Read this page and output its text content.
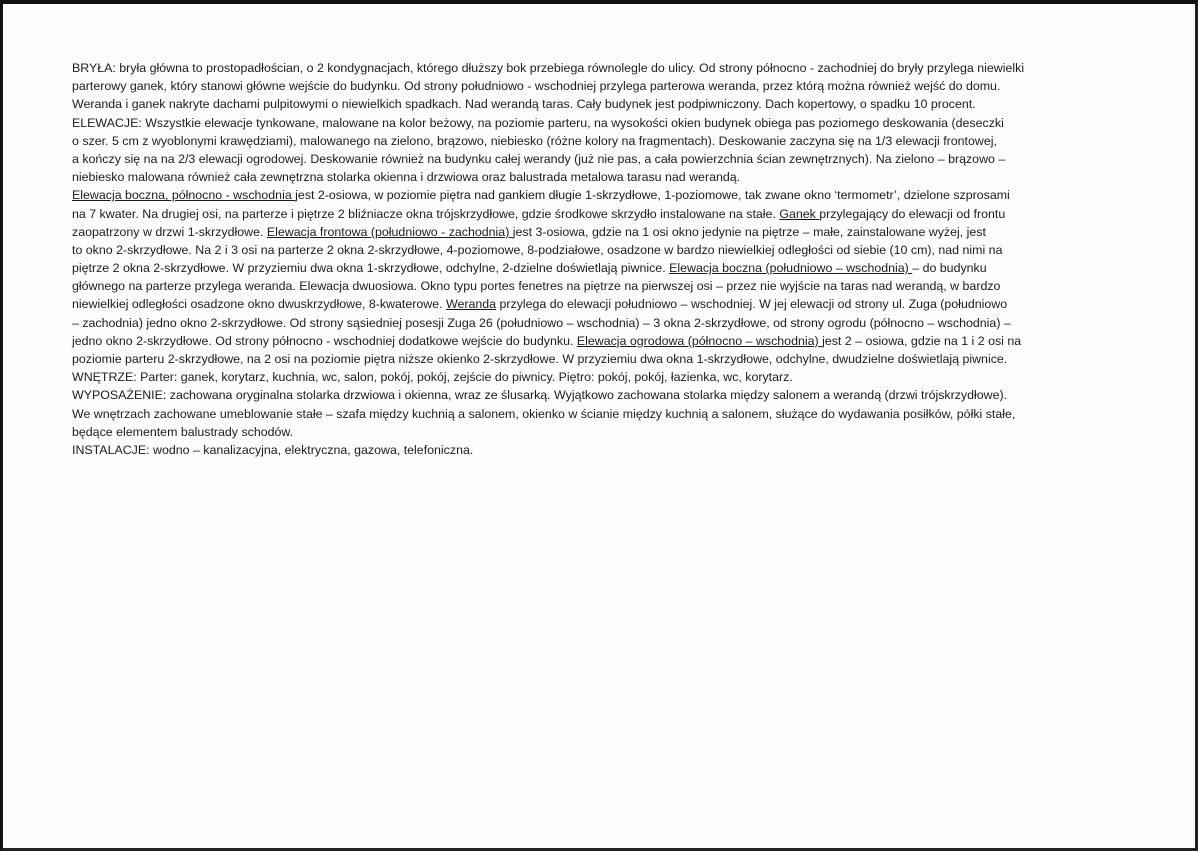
BRYŁA: bryła główna to prostopadłościan, o 2 kondygnacjach, którego dłuższy bok przebiega równolegle do ulicy. Od strony północno - zachodniej do bryły przylega niewielki
parterowy ganek, który stanowi główne wejście do budynku. Od strony południowo - wschodniej przylega parterowa weranda, przez którą można również wejść do domu.
Weranda i ganek nakryte dachami pulpitowymi o niewielkich spadkach. Nad werandą taras. Cały budynek jest podpiwniczony. Dach kopertowy, o spadku 10 procent.
ELEWACJE: Wszystkie elewacje tynkowane, malowane na kolor beżowy, na poziomie parteru, na wysokości okien budynek obiega pas poziomego deskowania (deseczki
o szer. 5 cm z wyoblonymi krawędziami), malowanego na zielono, brązowo, niebiesko (różne kolory na fragmentach). Deskowanie zaczyna się na 1/3 elewacji frontowej,
a kończy się na na 2/3 elewacji ogrodowej. Deskowanie również na budynku całej werandy (już nie pas, a cała powierzchnia ścian zewnętrznych). Na zielono – brązowo –
niebiesko malowana również cała zewnętrzna stolarka okienna i drzwiowa oraz balustrada metalowa tarasu nad werandą.
Elewacja boczna, północno - wschodnia jest 2-osiowa, w poziomie piętra nad gankiem długie 1-skrzydłowe, 1-poziomowe, tak zwane okno ‘termometr’, dzielone szprosami
na 7 kwater. Na drugiej osi, na parterze i piętrze 2 bliźniacze okna trójskrzydłowe, gdzie środkowe skrzydło instalowane na stałe. Ganek przylegający do elewacji od frontu
zaopatrzony w drzwi 1-skrzydłowe. Elewacja frontowa (południowo - zachodnia) jest 3-osiowa, gdzie na 1 osi okno jedynie na piętrze – małe, zainstalowane wyżej, jest
to okno 2-skrzydłowe. Na 2 i 3 osi na parterze 2 okna 2-skrzydłowe, 4-poziomowe, 8-podziałowe, osadzone w bardzo niewielkiej odległości od siebie (10 cm), nad nimi na
piętrze 2 okna 2-skrzydłowe. W przyziemiu dwa okna 1-skrzydłowe, odchylne, 2-dzielne doświetlają piwnice. Elewacja boczna (południowo – wschodnia) – do budynku
głównego na parterze przylega weranda. Elewacja dwuosiowa. Okno typu portes fenetres na piętrze na pierwszej osi – przez nie wyjście na taras nad werandą, w bardzo
niewielkiej odległości osadzone okno dwuskrzydłowe, 8-kwaterowe. Weranda przylega do elewacji południowo – wschodniej. W jej elewacji od strony ul. Zuga (południowo
– zachodnia) jedno okno 2-skrzydłowe. Od strony sąsiedniej posesji Zuga 26 (południowo – wschodnia) – 3 okna 2-skrzydłowe, od strony ogrodu (północno – wschodnia) –
jedno okno 2-skrzydłowe. Od strony północno - wschodniej dodatkowe wejście do budynku. Elewacja ogrodowa (północno – wschodnia) jest 2 – osiowa, gdzie na 1 i 2 osi na
poziomie parteru 2-skrzydłowe, na 2 osi na poziomie piętra niższe okienko 2-skrzydłowe. W przyziemiu dwa okna 1-skrzydłowe, odchylne, dwudzielne doświetlają piwnice.
WNĘTRZE: Parter: ganek, korytarz, kuchnia, wc, salon, pokój, pokój, zejście do piwnicy. Piętro: pokój, pokój, łazienka, wc, korytarz.
WYPOSAŻENIE: zachowana oryginalna stolarka drzwiowa i okienna, wraz ze ślusarką. Wyjątkowo zachowana stolarka między salonem a werandą (drzwi trójskrzydłowe).
We wnętrzach zachowane umeblowanie stałe – szafa między kuchnią a salonem, okienko w ścianie między kuchnią a salonem, służące do wydawania posiłków, półki stałe,
będące elementem balustrady schodów.
INSTALACJE: wodno – kanalizacyjna, elektryczna, gazowa, telefoniczna.
